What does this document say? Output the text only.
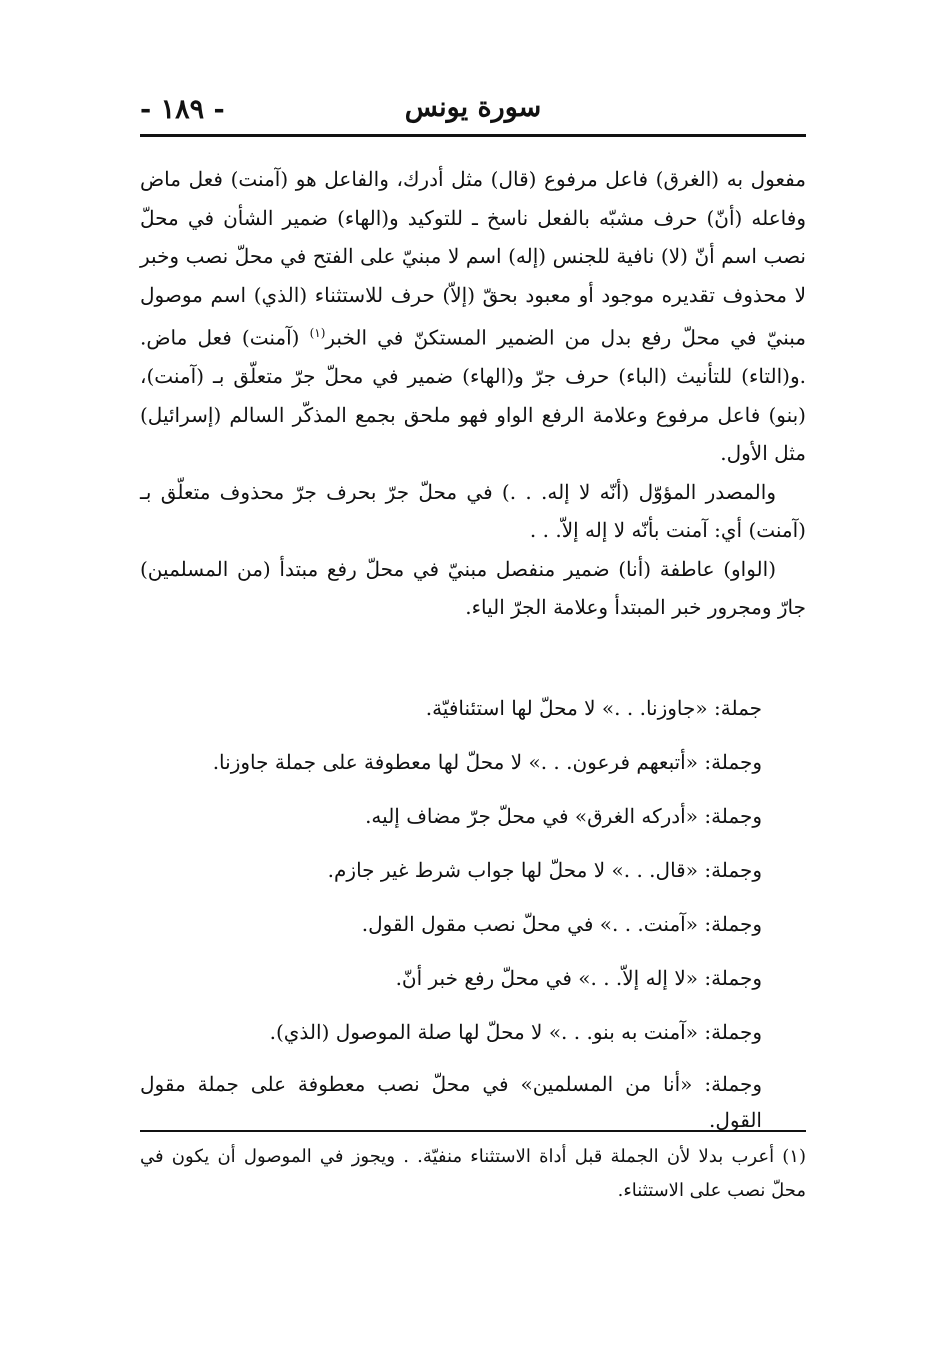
- ١٨٩ -	سورة يونس

مفعول به (الغرق) فاعل مرفوع (قال) مثل أدرك، والفاعل هو (آمنت) فعل ماض وفاعله (أنّ) حرف مشبّه بالفعل ناسخ ـ للتوكيد و(الهاء) ضمير الشأن في محلّ نصب اسم أنّ (لا) نافية للجنس (إله) اسم لا مبنيّ على الفتح في محلّ نصب وخبر لا محذوف تقديره موجود أو معبود بحقّ (إلاّ) حرف للاستثناء (الذي) اسم موصول مبنيّ في محلّ رفع بدل من الضمير المستكنّ في الخبر$^{(١)}$ (آمنت) فعل ماض. .و(التاء) للتأنيث (الباء) حرف جرّ و(الهاء) ضمير في محلّ جرّ متعلّق بـ (آمنت)، (بنو) فاعل مرفوع وعلامة الرفع الواو فهو ملحق بجمع المذكّر السالم (إسرائيل) مثل الأول.

والمصدر المؤوّل (أنّه لا إله. . .) في محلّ جرّ بحرف جرّ محذوف متعلّق بـ (آمنت) أي: آمنت بأنّه لا إله إلاّ. . .

(الواو) عاطفة (أنا) ضمير منفصل مبنيّ في محلّ رفع مبتدأ (من المسلمين) جارّ ومجرور خبر المبتدأ وعلامة الجرّ الياء.

جملة: «جاوزنا. . .» لا محلّ لها استئنافيّة.
وجملة: «أتبعهم فرعون. . .» لا محلّ لها معطوفة على جملة جاوزنا.
وجملة: «أدركه الغرق» في محلّ جرّ مضاف إليه.
وجملة: «قال. . .» لا محلّ لها جواب شرط غير جازم.
وجملة: «آمنت. . .» في محلّ نصب مقول القول.
وجملة: «لا إله إلاّ. . .» في محلّ رفع خبر أنّ.
وجملة: «آمنت به بنو. . .» لا محلّ لها صلة الموصول (الذي).
وجملة: «أنا من المسلمين» في محلّ نصب معطوفة على جملة مقول القول.
(١) أعرب بدلا لأن الجملة قبل أداة الاستثناء منفيّة. . ويجوز في الموصول أن يكون في محلّ نصب على الاستثناء.
